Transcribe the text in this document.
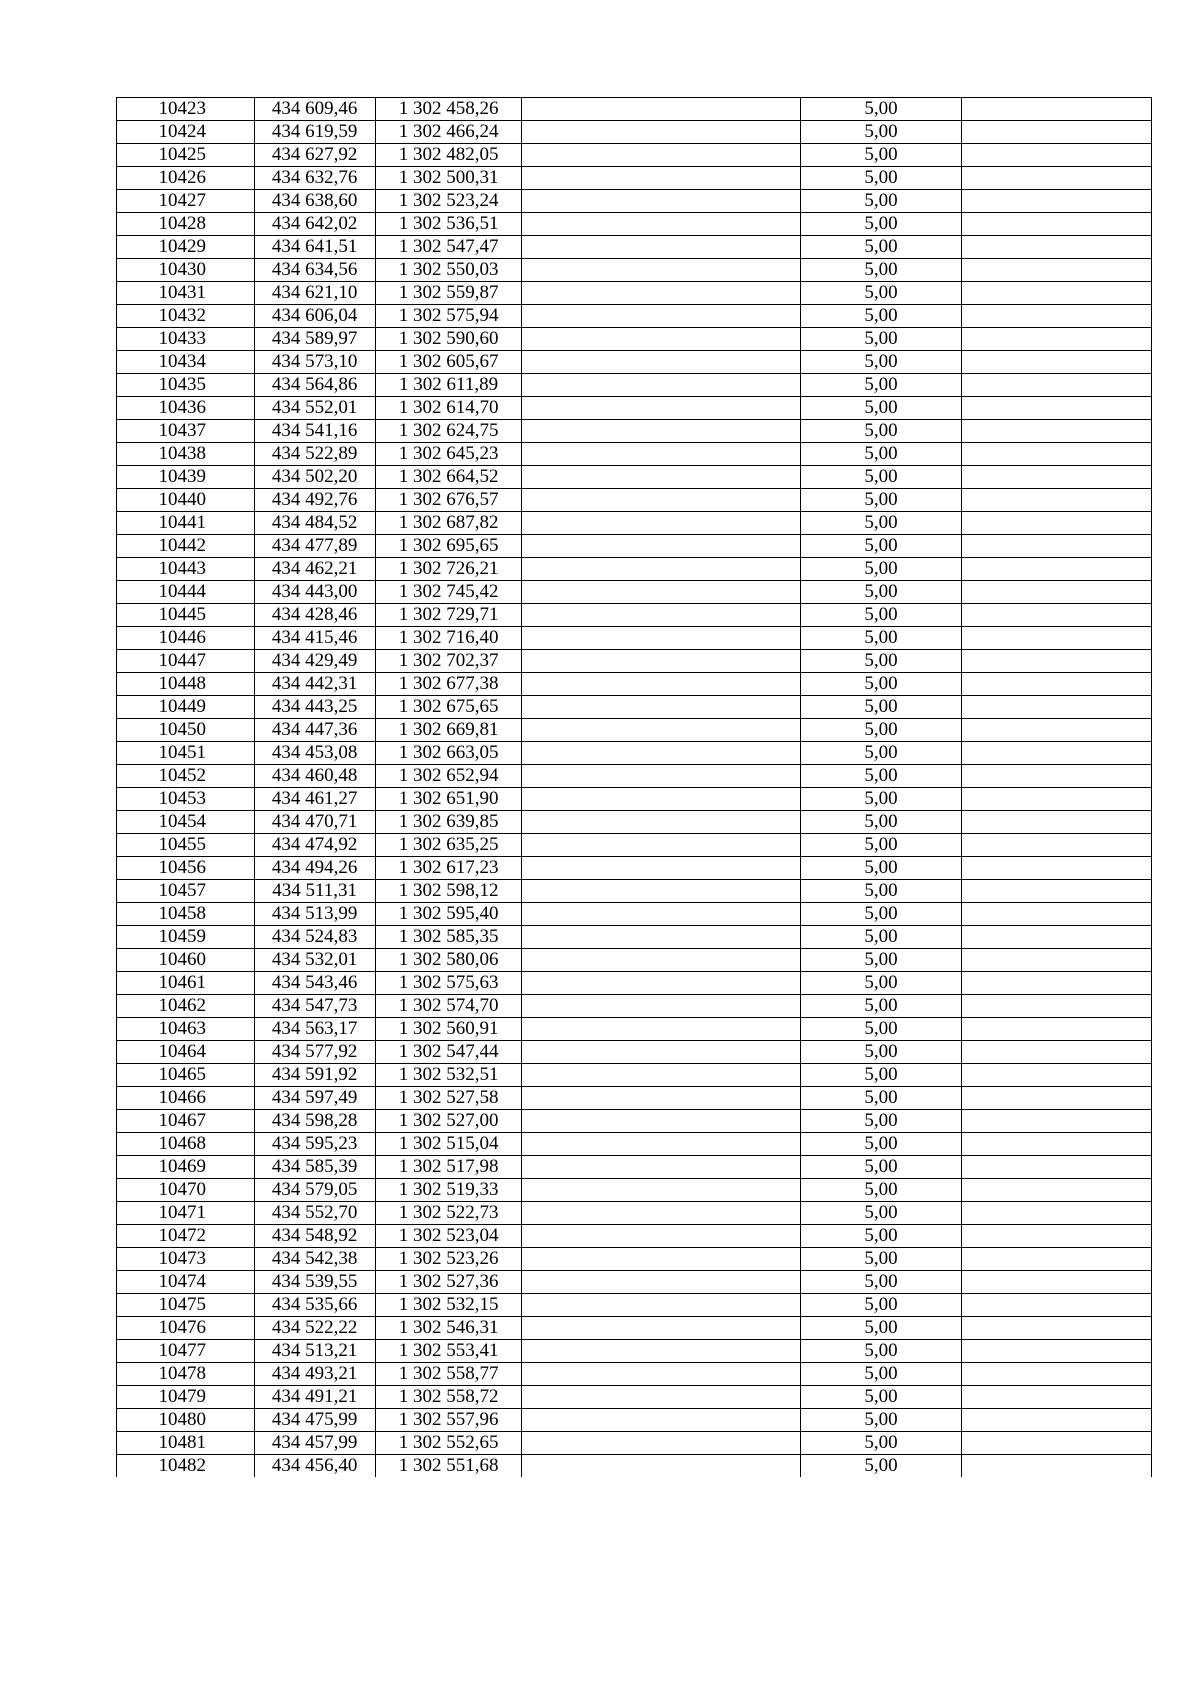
10423	434 609,46	1 302 458,26		5,00	
10424	434 619,59	1 302 466,24		5,00	
10425	434 627,92	1 302 482,05		5,00	
10426	434 632,76	1 302 500,31		5,00	
10427	434 638,60	1 302 523,24		5,00	
10428	434 642,02	1 302 536,51		5,00	
10429	434 641,51	1 302 547,47		5,00	
10430	434 634,56	1 302 550,03		5,00	
10431	434 621,10	1 302 559,87		5,00	
10432	434 606,04	1 302 575,94		5,00	
10433	434 589,97	1 302 590,60		5,00	
10434	434 573,10	1 302 605,67		5,00	
10435	434 564,86	1 302 611,89		5,00	
10436	434 552,01	1 302 614,70		5,00	
10437	434 541,16	1 302 624,75		5,00	
10438	434 522,89	1 302 645,23		5,00	
10439	434 502,20	1 302 664,52		5,00	
10440	434 492,76	1 302 676,57		5,00	
10441	434 484,52	1 302 687,82		5,00	
10442	434 477,89	1 302 695,65		5,00	
10443	434 462,21	1 302 726,21		5,00	
10444	434 443,00	1 302 745,42		5,00	
10445	434 428,46	1 302 729,71		5,00	
10446	434 415,46	1 302 716,40		5,00	
10447	434 429,49	1 302 702,37		5,00	
10448	434 442,31	1 302 677,38		5,00	
10449	434 443,25	1 302 675,65		5,00	
10450	434 447,36	1 302 669,81		5,00	
10451	434 453,08	1 302 663,05		5,00	
10452	434 460,48	1 302 652,94		5,00	
10453	434 461,27	1 302 651,90		5,00	
10454	434 470,71	1 302 639,85		5,00	
10455	434 474,92	1 302 635,25		5,00	
10456	434 494,26	1 302 617,23		5,00	
10457	434 511,31	1 302 598,12		5,00	
10458	434 513,99	1 302 595,40		5,00	
10459	434 524,83	1 302 585,35		5,00	
10460	434 532,01	1 302 580,06		5,00	
10461	434 543,46	1 302 575,63		5,00	
10462	434 547,73	1 302 574,70		5,00	
10463	434 563,17	1 302 560,91		5,00	
10464	434 577,92	1 302 547,44		5,00	
10465	434 591,92	1 302 532,51		5,00	
10466	434 597,49	1 302 527,58		5,00	
10467	434 598,28	1 302 527,00		5,00	
10468	434 595,23	1 302 515,04		5,00	
10469	434 585,39	1 302 517,98		5,00	
10470	434 579,05	1 302 519,33		5,00	
10471	434 552,70	1 302 522,73		5,00	
10472	434 548,92	1 302 523,04		5,00	
10473	434 542,38	1 302 523,26		5,00	
10474	434 539,55	1 302 527,36		5,00	
10475	434 535,66	1 302 532,15		5,00	
10476	434 522,22	1 302 546,31		5,00	
10477	434 513,21	1 302 553,41		5,00	
10478	434 493,21	1 302 558,77		5,00	
10479	434 491,21	1 302 558,72		5,00	
10480	434 475,99	1 302 557,96		5,00	
10481	434 457,99	1 302 552,65		5,00	
10482	434 456,40	1 302 551,68		5,00	
